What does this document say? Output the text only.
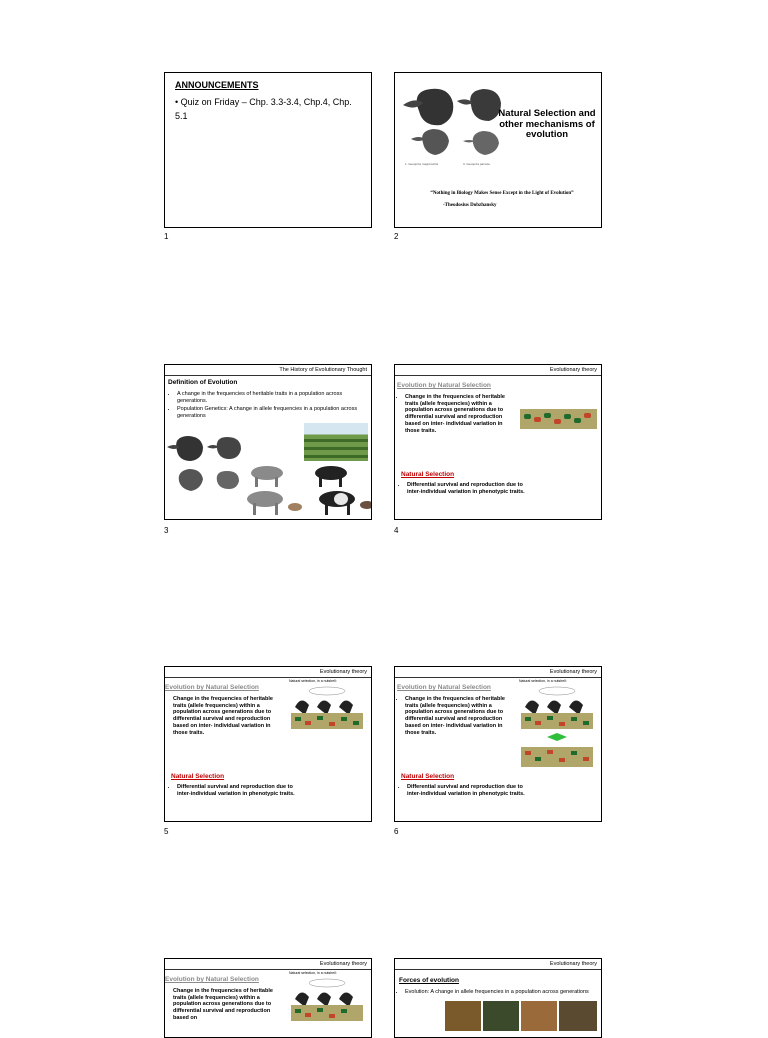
ANNOUNCEMENTS
• Quiz on Friday – Chp. 3.3-3.4, Chp.4, Chp. 5.1
1
1. Geospiza magnirostris	3. Geospiza parvula
Natural Selection and other mechanisms of evolution
“Nothing in Biology Makes Sense Except in the Light of Evolution”
-Theodosius Dobzhansky
2
The History of Evolutionary Thought
Definition of Evolution
• A change in the frequencies of heritable traits in a population across generations.
• Population Genetics: A change in allele frequencies in a population across generations
3
Evolutionary theory
Evolution by Natural Selection
• Change in the frequencies of heritable traits (allele frequencies) within a population across generations due to differential survival and reproduction based on inter- individual variation in those traits.
Natural Selection
• Differential survival and reproduction due to inter-individual variation in phenotypic traits.
4
Evolutionary theory
Evolution by Natural Selection
Natural selection, in a nutshell:
• Change in the frequencies of heritable traits (allele frequencies) within a population across generations due to differential survival and reproduction based on inter- individual variation in those traits.
Natural Selection
• Differential survival and reproduction due to inter-individual variation in phenotypic traits.
5
Evolutionary theory
Evolution by Natural Selection
Natural selection, in a nutshell:
• Change in the frequencies of heritable traits (allele frequencies) within a population across generations due to differential survival and reproduction based on inter- individual variation in those traits.
Natural Selection
• Differential survival and reproduction due to inter-individual variation in phenotypic traits.
6
Evolutionary theory
Evolution by Natural Selection
Natural selection, in a nutshell:
• Change in the frequencies of heritable traits (allele frequencies) within a population across generations due to differential survival and reproduction based on
Evolutionary theory
Forces of evolution
• Evolution: A change in allele frequencies in a population across generations
